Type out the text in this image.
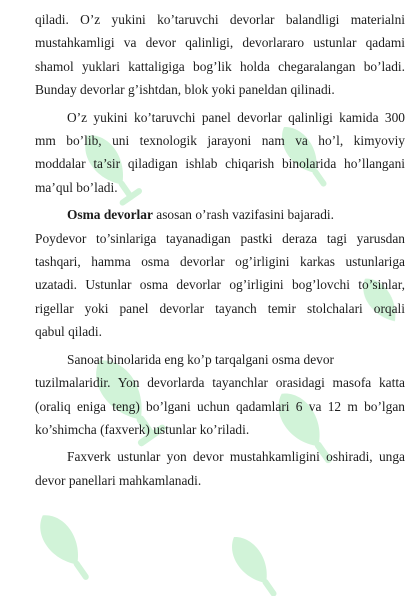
qiladi. O’z yukini ko’taruvchi devorlar balandligi materialni
mustahkamligi va devor qalinligi, devorlararo ustunlar qadami
shamol yuklari kattaligiga bog’lik holda chegaralangan bo’ladi.
Bunday devorlar g’ishtdan, blok yoki paneldan qilinadi.

O’z yukini ko’taruvchi panel devorlar qalinligi kamida 300
mm bo’lib, uni texnologik jarayoni nam va ho’l, kimyoviy
moddalar ta’sir qiladigan ishlab chiqarish binolarida ho’llangani
ma’qul bo’ladi.

Osma devorlar asosan o’rash vazifasini bajaradi.
Poydevor to’sinlariga tayanadigan pastki deraza tagi yarusdan
tashqari, hamma osma devorlar og’irligini karkas ustunlariga
uzatadi. Ustunlar osma devorlar og’irligini bog’lovchi to’sinlar,
rigellar yoki panel devorlar tayanch temir stolchalari orqali
qabul qiladi.

Sanoat binolarida eng ko’p tarqalgani osma devor
tuzilmalaridir. Yon devorlarda tayanchlar orasidagi masofa katta
(oraliq eniga teng) bo’lgani uchun qadamlari 6 va 12 m bo’lgan
ko’shimcha (faxverk) ustunlar ko’riladi.

Faxverk ustunlar yon devor mustahkamligini oshiradi, unga
devor panellari mahkamlanadi.
